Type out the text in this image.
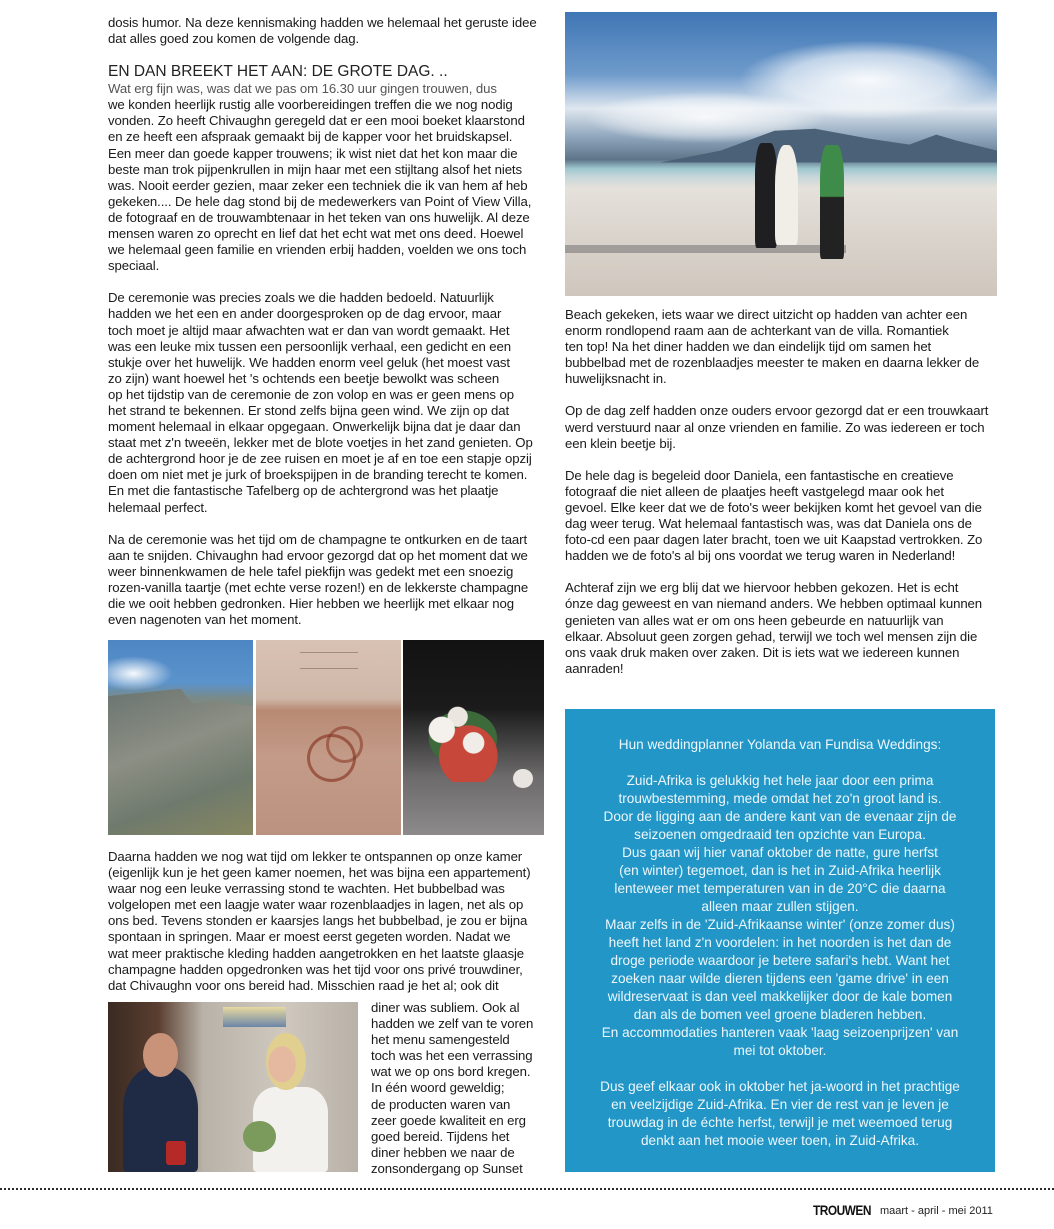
dosis humor. Na deze kennismaking hadden we helemaal het geruste idee
dat alles goed zou komen de volgende dag.

EN DAN BREEKT HET AAN: DE GROTE DAG. ..

Wat erg fijn was, was dat we pas om 16.30 uur gingen trouwen, dus

we konden heerlijk rustig alle voorbereidingen treffen die we nog nodig
vonden. Zo heeft Chivaughn geregeld dat er een mooi boeket klaarstond
en ze heeft een afspraak gemaakt bij de kapper voor het bruidskapsel.
Een meer dan goede kapper trouwens; ik wist niet dat het kon maar die
beste man trok pijpenkrullen in mijn haar met een stijltang alsof het niets
was. Nooit eerder gezien, maar zeker een techniek die ik van hem af heb
gekeken.... De hele dag stond bij de medewerkers van Point of View Villa,
de fotograaf en de trouwambtenaar in het teken van ons huwelijk. Al deze
mensen waren zo oprecht en lief dat het echt wat met ons deed. Hoewel
we helemaal geen familie en vrienden erbij hadden, voelden we ons toch
speciaal.

De ceremonie was precies zoals we die hadden bedoeld. Natuurlijk
hadden we het een en ander doorgesproken op de dag ervoor, maar
toch moet je altijd maar afwachten wat er dan van wordt gemaakt. Het
was een leuke mix tussen een persoonlijk verhaal, een gedicht en een
stukje over het huwelijk. We hadden enorm veel geluk (het moest vast
zo zijn) want hoewel het 's ochtends een beetje bewolkt was scheen
op het tijdstip van de ceremonie de zon volop en was er geen mens op
het strand te bekennen. Er stond zelfs bijna geen wind. We zijn op dat
moment helemaal in elkaar opgegaan. Onwerkelijk bijna dat je daar dan
staat met z'n tweeën, lekker met de blote voetjes in het zand genieten. Op
de achtergrond hoor je de zee ruisen en moet je af en toe een stapje opzij
doen om niet met je jurk of broekspijpen in de branding terecht te komen.
En met die fantastische Tafelberg op de achtergrond was het plaatje
helemaal perfect.

Na de ceremonie was het tijd om de champagne te ontkurken en de taart
aan te snijden. Chivaughn had ervoor gezorgd dat op het moment dat we
weer binnenkwamen de hele tafel piekfijn was gedekt met een snoezig
rozen-vanilla taartje (met echte verse rozen!) en de lekkerste champagne
die we ooit hebben gedronken. Hier hebben we heerlijk met elkaar nog
even nagenoten van het moment.

Daarna hadden we nog wat tijd om lekker te ontspannen op onze kamer
(eigenlijk kun je het geen kamer noemen, het was bijna een appartement)
waar nog een leuke verrassing stond te wachten. Het bubbelbad was
volgelopen met een laagje water waar rozenblaadjes in lagen, net als op
ons bed. Tevens stonden er kaarsjes langs het bubbelbad, je zou er bijna
spontaan in springen. Maar er moest eerst gegeten worden. Nadat we
wat meer praktische kleding hadden aangetrokken en het laatste glaasje
champagne hadden opgedronken was het tijd voor ons privé trouwdiner,
dat Chivaughn voor ons bereid had. Misschien raad je het al; ook dit

diner was subliem. Ook al
hadden we zelf van te voren
het menu samengesteld
toch was het een verrassing
wat we op ons bord kregen.
In één woord geweldig;
de producten waren van
zeer goede kwaliteit en erg
goed bereid. Tijdens het
diner hebben we naar de
zonsondergang op Sunset

Beach gekeken, iets waar we direct uitzicht op hadden van achter een
enorm rondlopend raam aan de achterkant van de villa. Romantiek
ten top! Na het diner hadden we dan eindelijk tijd om samen het
bubbelbad met de rozenblaadjes meester te maken en daarna lekker de
huwelijksnacht in.

Op de dag zelf hadden onze ouders ervoor gezorgd dat er een trouwkaart
werd verstuurd naar al onze vrienden en familie. Zo was iedereen er toch
een klein beetje bij.

De hele dag is begeleid door Daniela, een fantastische en creatieve
fotograaf die niet alleen de plaatjes heeft vastgelegd maar ook het
gevoel. Elke keer dat we de foto's weer bekijken komt het gevoel van die
dag weer terug. Wat helemaal fantastisch was, was dat Daniela ons de
foto-cd een paar dagen later bracht, toen we uit Kaapstad vertrokken. Zo
hadden we de foto's al bij ons voordat we terug waren in Nederland!

Achteraf zijn we erg blij dat we hiervoor hebben gekozen. Het is echt
ónze dag geweest en van niemand anders. We hebben optimaal kunnen
genieten van alles wat er om ons heen gebeurde en natuurlijk van
elkaar. Absoluut geen zorgen gehad, terwijl we toch wel mensen zijn die
ons vaak druk maken over zaken. Dit is iets wat we iedereen kunnen
aanraden!

Hun weddingplanner Yolanda van Fundisa Weddings:

Zuid-Afrika is gelukkig het hele jaar door een prima
trouwbestemming, mede omdat het zo'n groot land is.
Door de ligging aan de andere kant van de evenaar zijn de
seizoenen omgedraaid ten opzichte van Europa.
Dus gaan wij hier vanaf oktober de natte, gure herfst
(en winter) tegemoet, dan is het in Zuid-Afrika heerlijk
lenteweer met temperaturen van in de 20°C die daarna
alleen maar zullen stijgen.
Maar zelfs in de 'Zuid-Afrikaanse winter' (onze zomer dus)
heeft het land z'n voordelen: in het noorden is het dan de
droge periode waardoor je betere safari's hebt. Want het
zoeken naar wilde dieren tijdens een 'game drive' in een
wildreservaat is dan veel makkelijker door de kale bomen
dan als de bomen veel groene bladeren hebben.
En accommodaties hanteren vaak 'laag seizoenprijzen' van
mei tot oktober.

Dus geef elkaar ook in oktober het ja-woord in het prachtige
en veelzijdige Zuid-Afrika. En vier de rest van je leven je
trouwdag in de échte herfst, terwijl je met weemoed terug
denkt aan het mooie weer toen, in Zuid-Afrika.

TROUWEN maart - april - mei 2011
